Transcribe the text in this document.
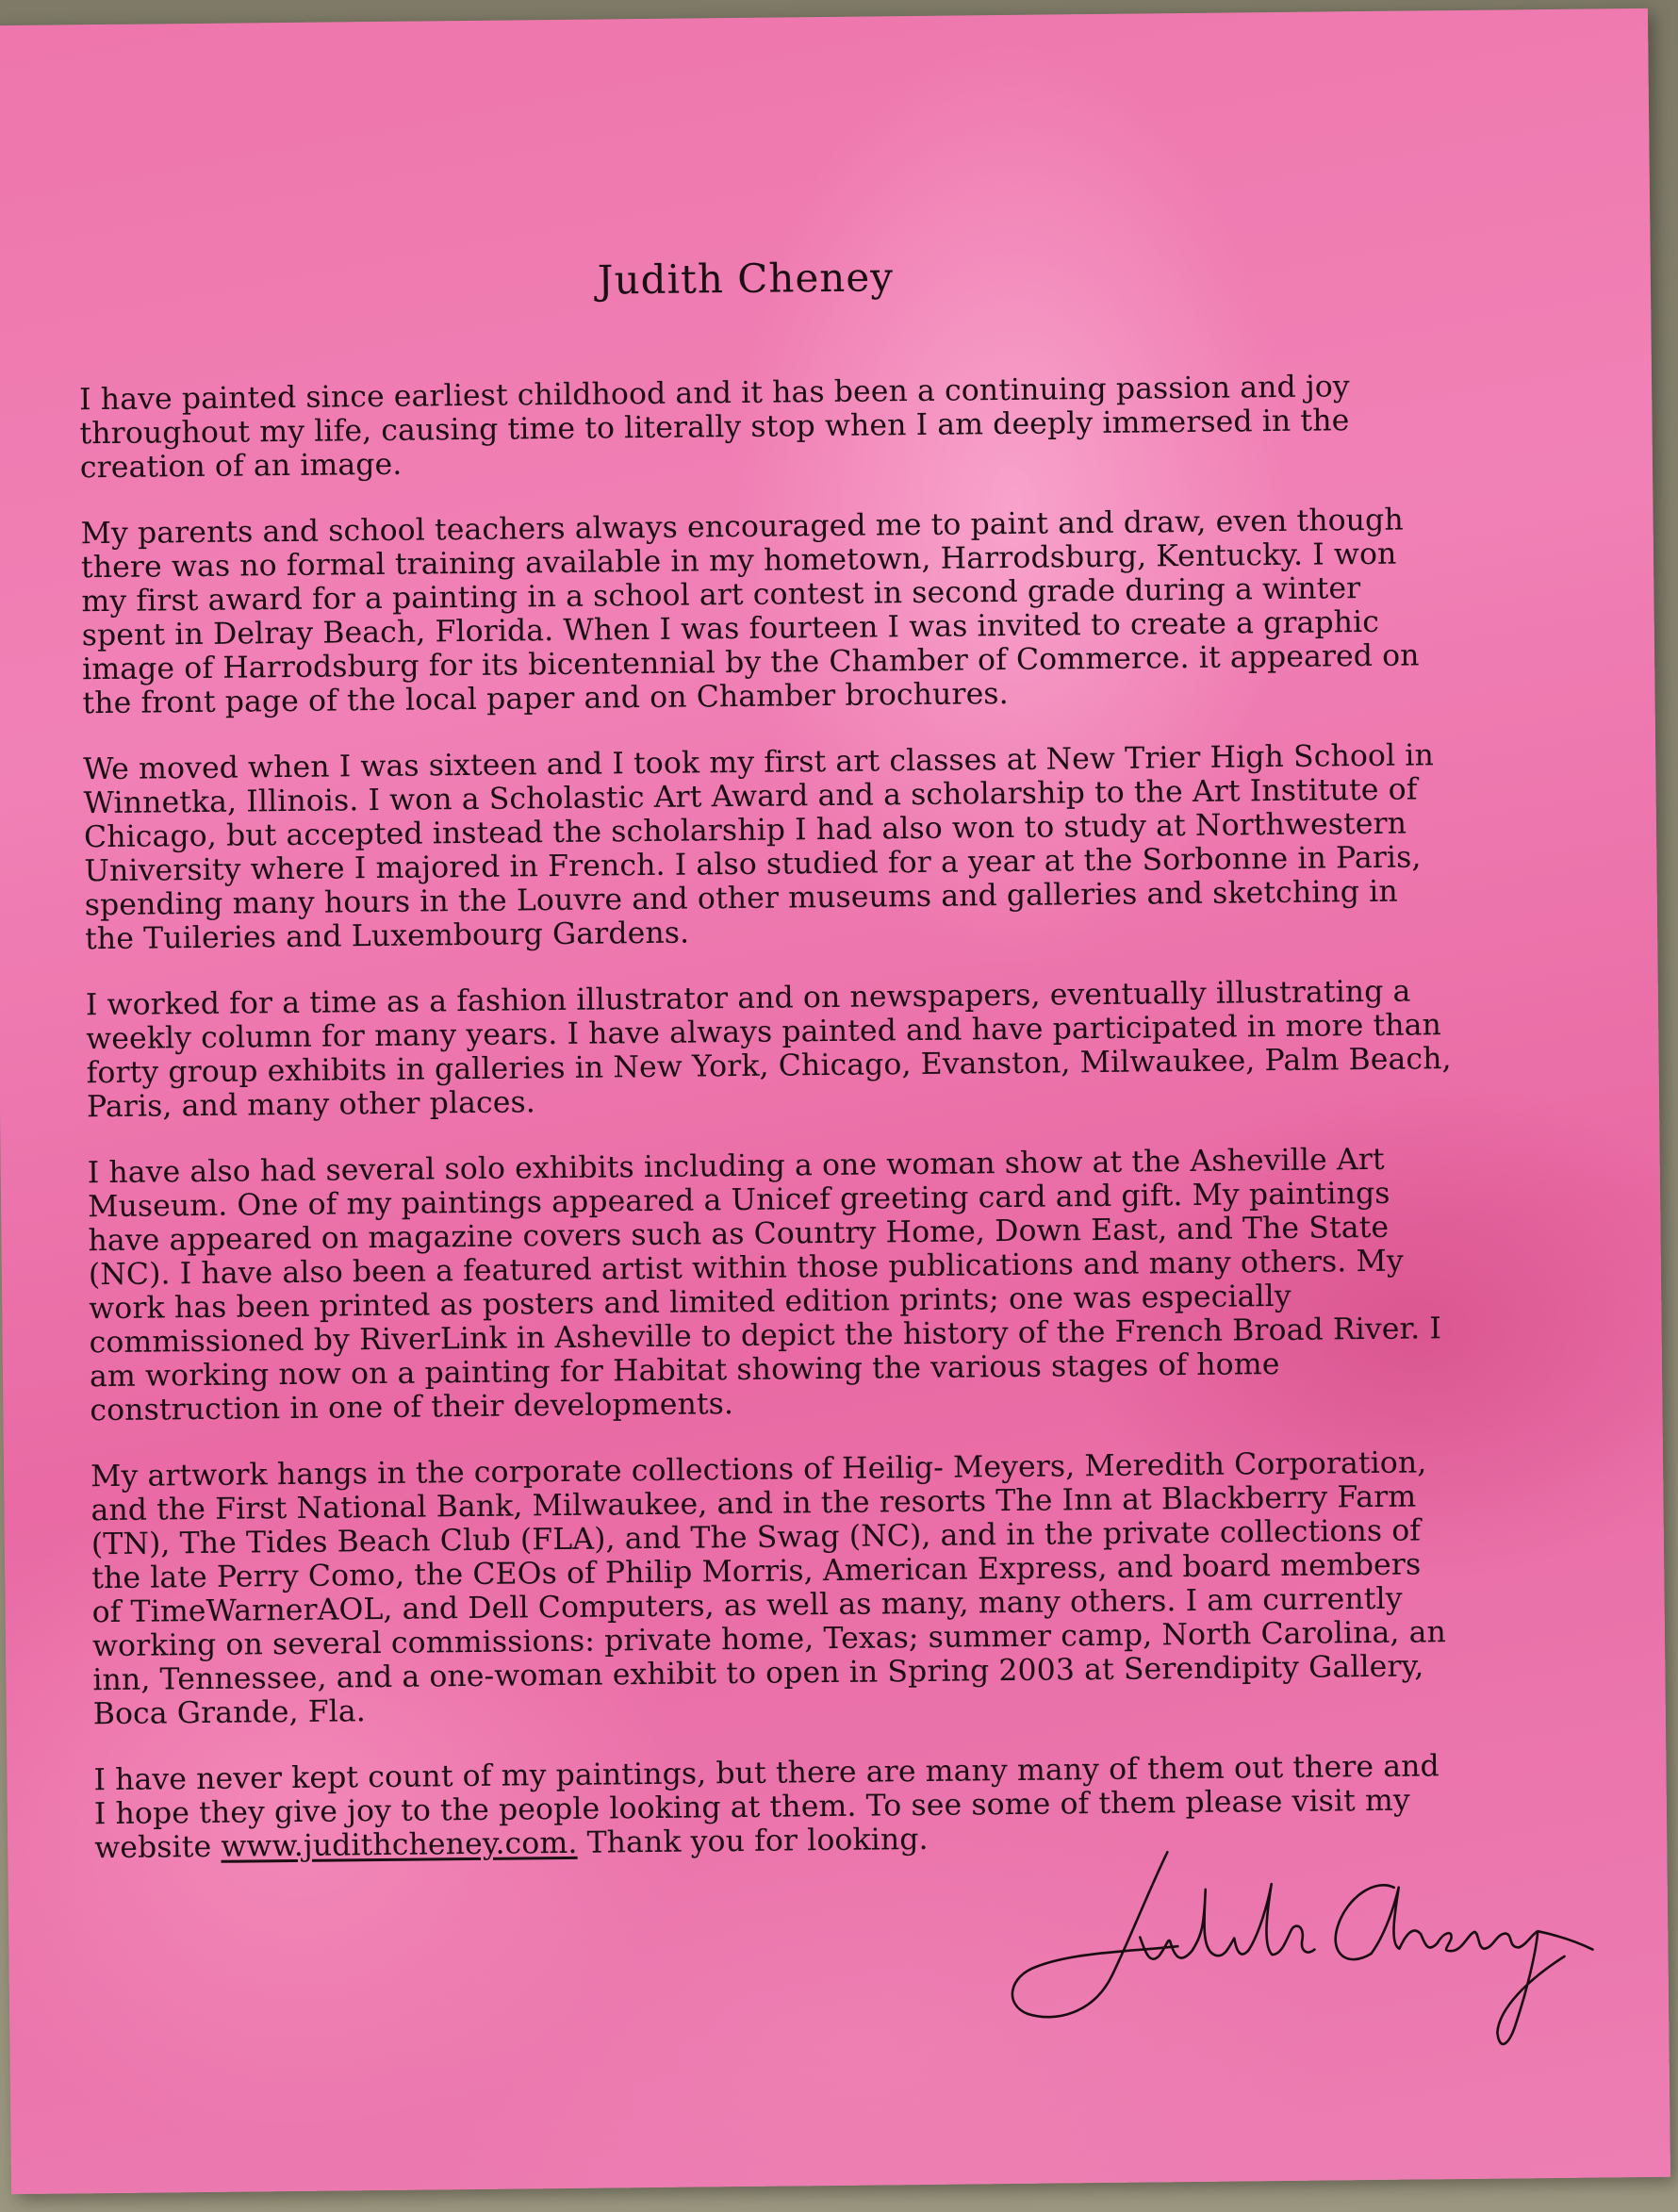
Judith Cheney

I have painted since earliest childhood and it has been a continuing passion and joy throughout my life, causing time to literally stop when I am deeply immersed in the creation of an image.

My parents and school teachers always encouraged me to paint and draw, even though there was no formal training available in my hometown, Harrodsburg, Kentucky. I won my first award for a painting in a school art contest in second grade during a winter spent in Delray Beach, Florida. When I was fourteen I was invited to create a graphic image of Harrodsburg for its bicentennial by the Chamber of Commerce. it appeared on the front page of the local paper and on Chamber brochures.

We moved when I was sixteen and I took my first art classes at New Trier High School in Winnetka, Illinois. I won a Scholastic Art Award and a scholarship to the Art Institute of Chicago, but accepted instead the scholarship I had also won to study at Northwestern University where I majored in French. I also studied for a year at the Sorbonne in Paris, spending many hours in the Louvre and other museums and galleries and sketching in the Tuileries and Luxembourg Gardens.

I worked for a time as a fashion illustrator and on newspapers, eventually illustrating a weekly column for many years. I have always painted and have participated in more than forty group exhibits in galleries in New York, Chicago, Evanston, Milwaukee, Palm Beach, Paris, and many other places.

I have also had several solo exhibits including a one woman show at the Asheville Art Museum. One of my paintings appeared a Unicef greeting card and gift. My paintings have appeared on magazine covers such as Country Home, Down East, and The State (NC). I have also been a featured artist within those publications and many others. My work has been printed as posters and limited edition prints; one was especially commissioned by RiverLink in Asheville to depict the history of the French Broad River. I am working now on a painting for Habitat showing the various stages of home construction in one of their developments.

My artwork hangs in the corporate collections of Heilig- Meyers, Meredith Corporation, and the First National Bank, Milwaukee, and in the resorts The Inn at Blackberry Farm (TN), The Tides Beach Club (FLA), and The Swag (NC), and in the private collections of the late Perry Como, the CEOs of Philip Morris, American Express, and board members of TimeWarnerAOL, and Dell Computers, as well as many, many others. I am currently working on several commissions: private home, Texas; summer camp, North Carolina, an inn, Tennessee, and a one-woman exhibit to open in Spring 2003 at Serendipity Gallery, Boca Grande, Fla.

I have never kept count of my paintings, but there are many many of them out there and I hope they give joy to the people looking at them. To see some of them please visit my website www.judithcheney.com. Thank you for looking.
